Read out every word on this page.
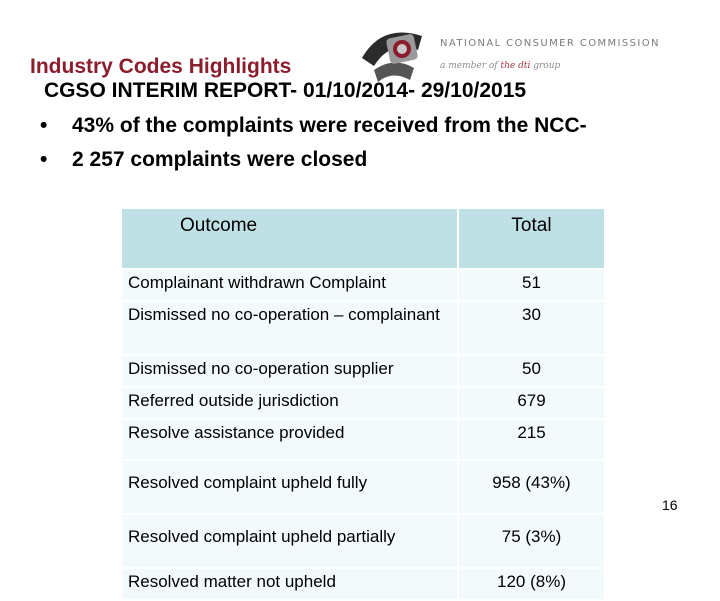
NATIONAL CONSUMER COMMISSION
a member of the dti group
Industry Codes Highlights
CGSO INTERIM REPORT- 01/10/2014- 29/10/2015
• 43% of the complaints were received from the NCC-
• 2 257 complaints were closed
Outcome	Total
Complainant withdrawn Complaint	51
Dismissed no co-operation – complainant	30
Dismissed no co-operation supplier	50
Referred outside jurisdiction	679
Resolve assistance provided	215
Resolved complaint upheld fully	958 (43%)
Resolved complaint upheld partially	75 (3%)
Resolved matter not upheld	120 (8%)
16
